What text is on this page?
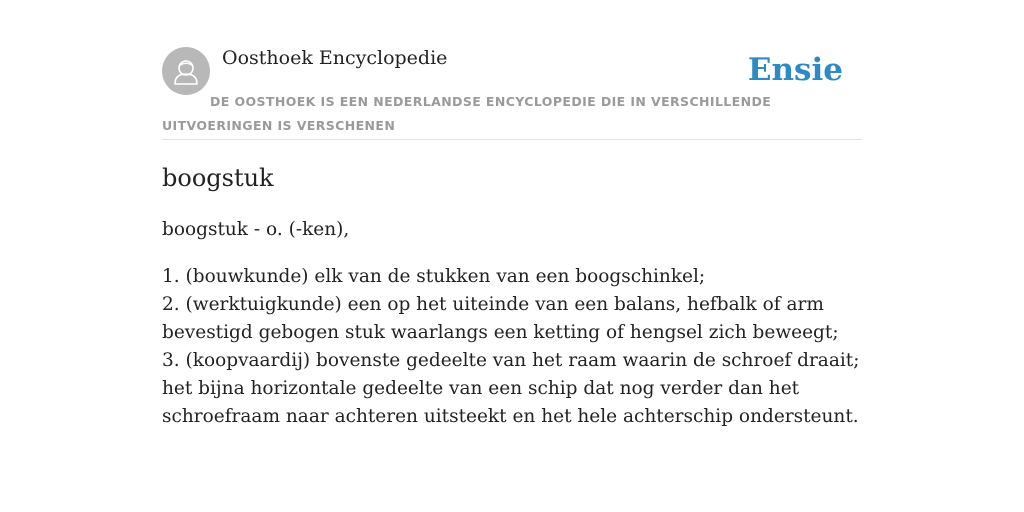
Oosthoek Encyclopedie	Ensie
DE OOSTHOEK IS EEN NEDERLANDSE ENCYCLOPEDIE DIE IN VERSCHILLENDE UITVOERINGEN IS VERSCHENEN
boogstuk
boogstuk - o. (-ken),
1. (bouwkunde) elk van de stukken van een boogschinkel;
2. (werktuigkunde) een op het uiteinde van een balans, hefbalk of arm bevestigd gebogen stuk waarlangs een ketting of hengsel zich beweegt;
3. (koopvaardij) bovenste gedeelte van het raam waarin de schroef draait; het bijna horizontale gedeelte van een schip dat nog verder dan het schroefraam naar achteren uitsteekt en het hele achterschip ondersteunt.
